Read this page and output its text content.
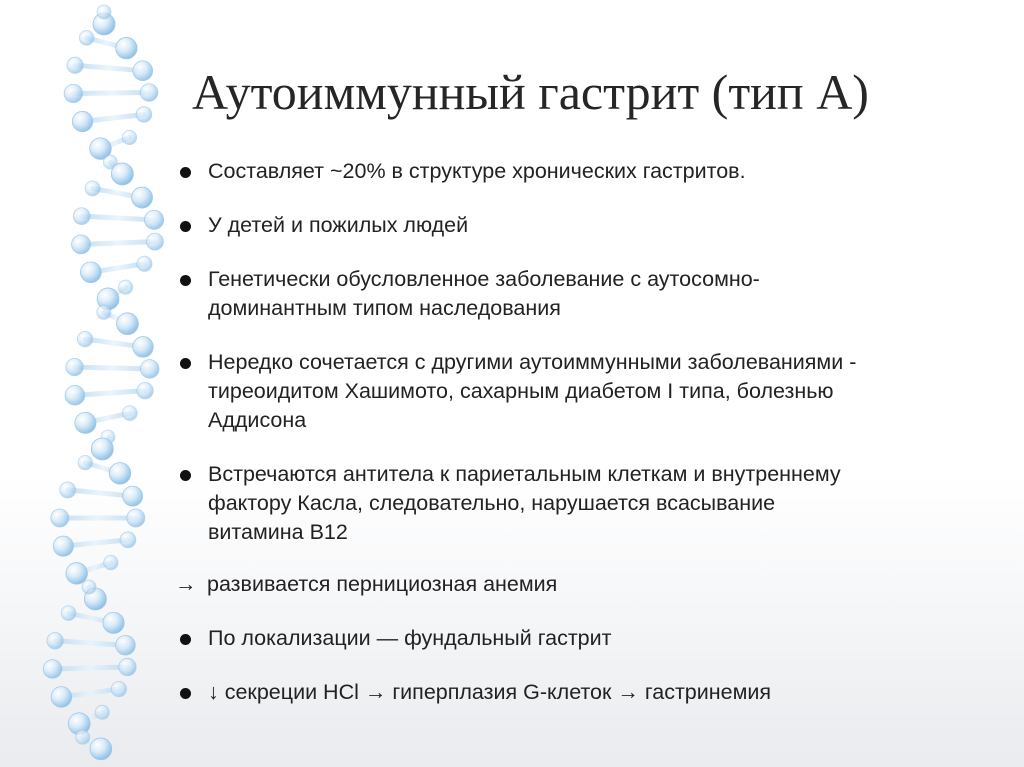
Аутоиммунный гастрит (тип А)
Составляет ~20% в структуре хронических гастритов.
У детей и пожилых людей
Генетически обусловленное заболевание с аутосомно-
доминантным типом наследования
Нередко сочетается с другими аутоиммунными заболеваниями -
тиреоидитом Хашимото, сахарным диабетом I типа, болезнью
Аддисона
Встречаются антитела к париетальным клеткам и внутреннему
фактору Касла, следовательно, нарушается всасывание
витамина В12
→ развивается пернициозная анемия
По локализации — фундальный гастрит
↓ секреции HCl → гиперплазия G-клеток → гастринемия
